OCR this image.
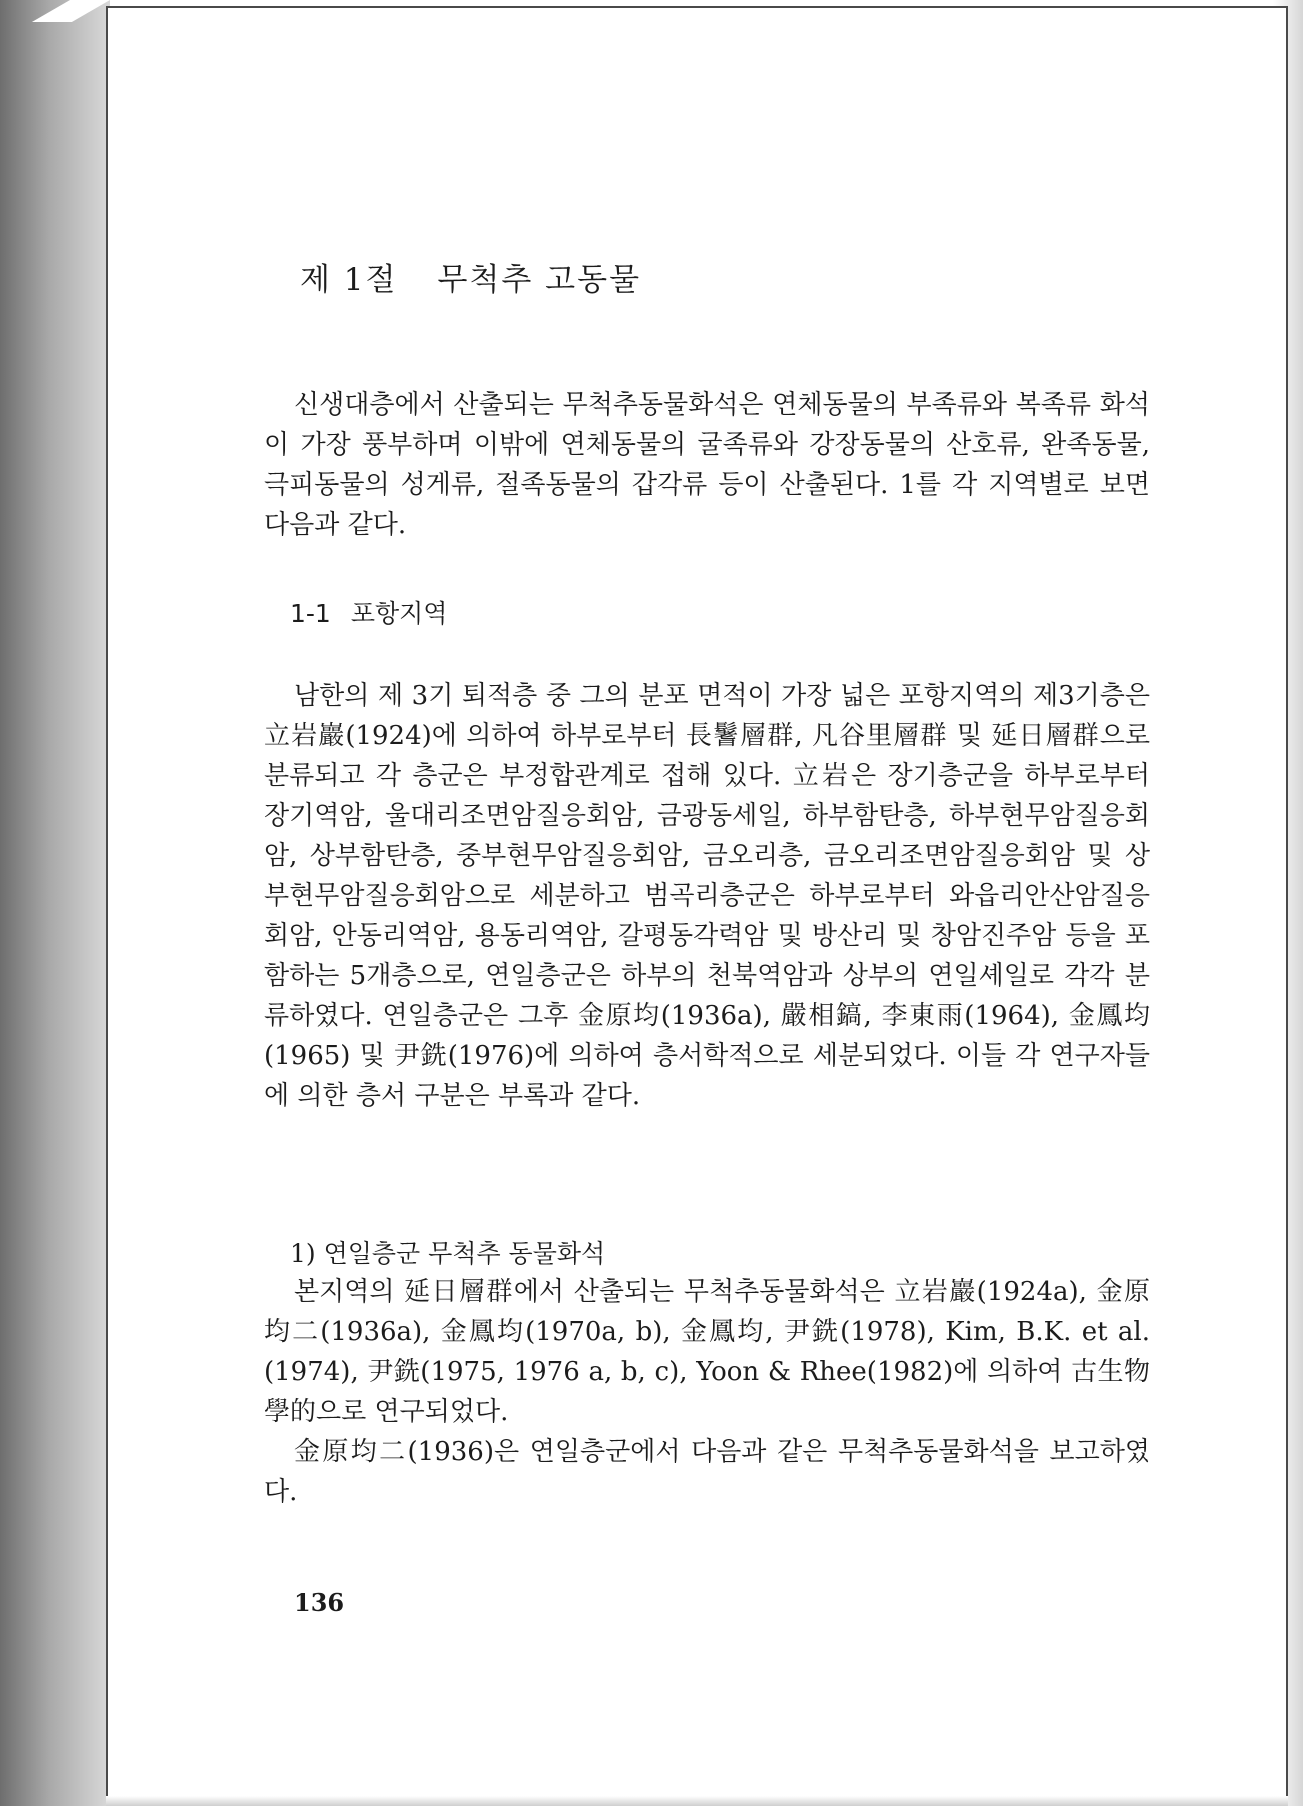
제 1절 무척추 고동물

신생대층에서 산출되는 무척추동물화석은 연체동물의 부족류와 복족류 화석이 가장 풍부하며 이밖에 연체동물의 굴족류와 강장동물의 산호류, 완족동물, 극피동물의 성게류, 절족동물의 갑각류 등이 산출된다. 1를 각 지역별로 보면 다음과 같다.

1-1 포항지역

남한의 제 3기 퇴적층 중 그의 분포 면적이 가장 넓은 포항지역의 제3기층은 立岩巖(1924)에 의하여 하부로부터 長鬐層群, 凡谷里層群 및 延日層群으로 분류되고 각 층군은 부정합관계로 접해 있다. 立岩은 장기층군을 하부로부터 장기역암, 울대리조면암질응회암, 금광동세일, 하부함탄층, 하부현무암질응회암, 상부함탄층, 중부현무암질응회암, 금오리층, 금오리조면암질응회암 및 상부현무암질응회암으로 세분하고 범곡리층군은 하부로부터 와읍리안산암질응회암, 안동리역암, 용동리역암, 갈평동각력암 및 방산리 및 창암진주암 등을 포함하는 5개층으로, 연일층군은 하부의 천북역암과 상부의 연일셰일로 각각 분류하였다. 연일층군은 그후 金原均(1936a), 嚴相鎬, 李東雨(1964), 金鳳均(1965) 및 尹銑(1976)에 의하여 층서학적으로 세분되었다. 이들 각 연구자들에 의한 층서 구분은 부록과 같다.

1) 연일층군 무척추 동물화석

본지역의 延日層群에서 산출되는 무척추동물화석은 立岩巖(1924a), 金原均二(1936a), 金鳳均(1970a, b), 金鳳均, 尹銑(1978), Kim, B.K. et al.(1974), 尹銑(1975, 1976 a, b, c), Yoon & Rhee(1982)에 의하여 古生物學的으로 연구되었다.

金原均二(1936)은 연일층군에서 다음과 같은 무척추동물화석을 보고하였다.

136
